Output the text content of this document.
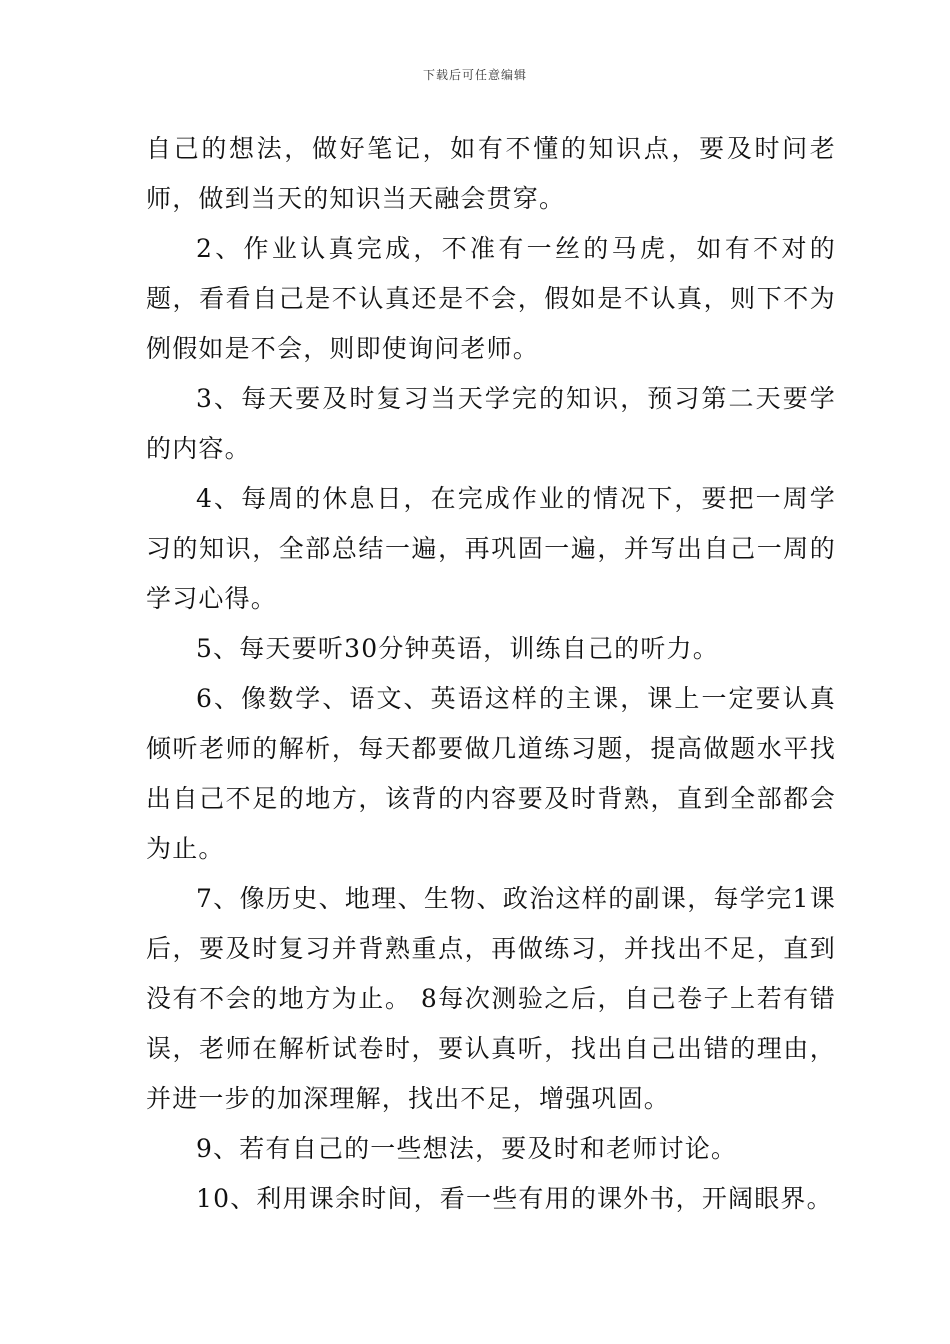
下载后可任意编辑

自己的想法，做好笔记，如有不懂的知识点，要及时问老师，做到当天的知识当天融会贯穿。

2、作业认真完成，不准有一丝的马虎，如有不对的题，看看自己是不认真还是不会，假如是不认真，则下不为例假如是不会，则即使询问老师。

3、每天要及时复习当天学完的知识，预习第二天要学的内容。

4、每周的休息日，在完成作业的情况下，要把一周学习的知识，全部总结一遍，再巩固一遍，并写出自己一周的学习心得。

5、每天要听30分钟英语，训练自己的听力。

6、像数学、语文、英语这样的主课，课上一定要认真倾听老师的解析，每天都要做几道练习题，提高做题水平找出自己不足的地方，该背的内容要及时背熟，直到全部都会为止。

7、像历史、地理、生物、政治这样的副课，每学完1课后，要及时复习并背熟重点，再做练习，并找出不足，直到没有不会的地方为止。 8每次测验之后，自己卷子上若有错误，老师在解析试卷时，要认真听，找出自己出错的理由，并进一步的加深理解，找出不足，增强巩固。

9、若有自己的一些想法，要及时和老师讨论。

10、利用课余时间，看一些有用的课外书，开阔眼界。
